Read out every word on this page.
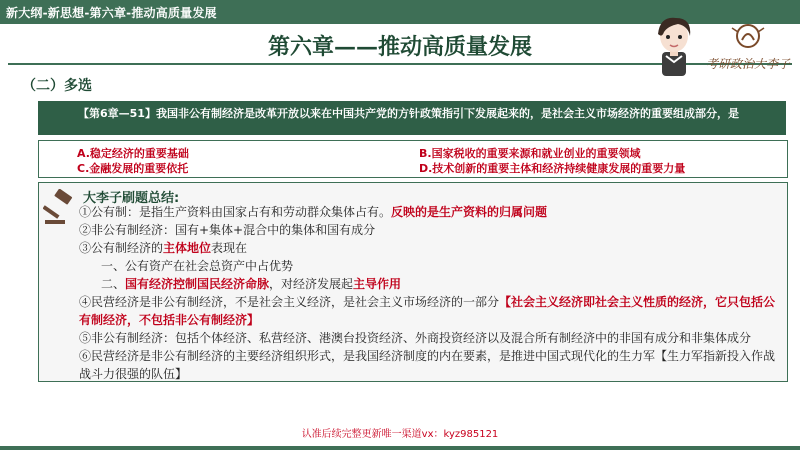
新大纲-新思想-第六章-推动高质量发展
第六章——推动高质量发展
考研政治大李子
（二）多选
【第6章—51】我国非公有制经济是改革开放以来在中国共产党的方针政策指引下发展起来的，是社会主义市场经济的重要组成部分，是
A.稳定经济的重要基础	B.国家税收的重要来源和就业创业的重要领域
C.金融发展的重要依托	D.技术创新的重要主体和经济持续健康发展的重要力量
大李子刷题总结:

①公有制：是指生产资料由国家占有和劳动群众集体占有。反映的是生产资料的归属问题

②非公有制经济：国有+集体+混合中的集体和国有成分

③公有制经济的主体地位表现在

一、公有资产在社会总资产中占优势

二、国有经济控制国民经济命脉，对经济发展起主导作用

④民营经济是非公有制经济，不是社会主义经济，是社会主义市场经济的一部分【社会主义经济即社会主义性质的经济，它只包括公有制经济，不包括非公有制经济】

⑤非公有制经济：包括个体经济、私营经济、港澳台投资经济、外商投资经济以及混合所有制经济中的非国有成分和非集体成分

⑥民营经济是非公有制经济的主要经济组织形式，是我国经济制度的内在要素，是推进中国式现代化的生力军【生力军指新投入作战战斗力很强的队伍】

认准后续完整更新唯一渠道vx：kyz985121
